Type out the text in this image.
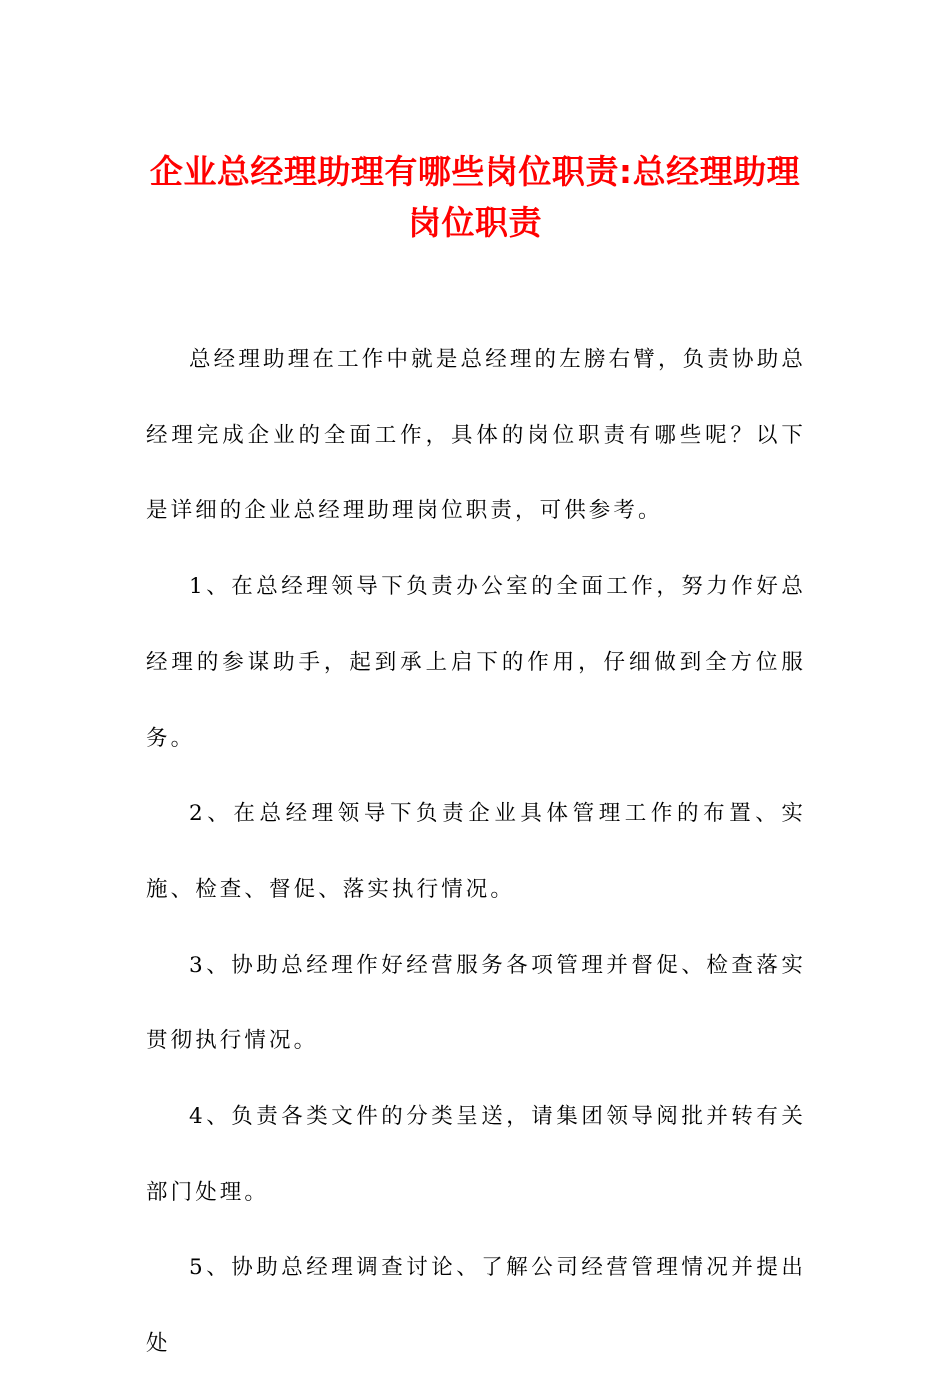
企业总经理助理有哪些岗位职责:总经理助理岗位职责

总经理助理在工作中就是总经理的左膀右臂，负责协助总经理完成企业的全面工作，具体的岗位职责有哪些呢？以下是详细的企业总经理助理岗位职责，可供参考。

1、在总经理领导下负责办公室的全面工作，努力作好总经理的参谋助手，起到承上启下的作用，仔细做到全方位服务。

2、在总经理领导下负责企业具体管理工作的布置、实施、检查、督促、落实执行情况。

3、协助总经理作好经营服务各项管理并督促、检查落实贯彻执行情况。

4、负责各类文件的分类呈送，请集团领导阅批并转有关部门处理。

5、协助总经理调查讨论、了解公司经营管理情况并提出处
